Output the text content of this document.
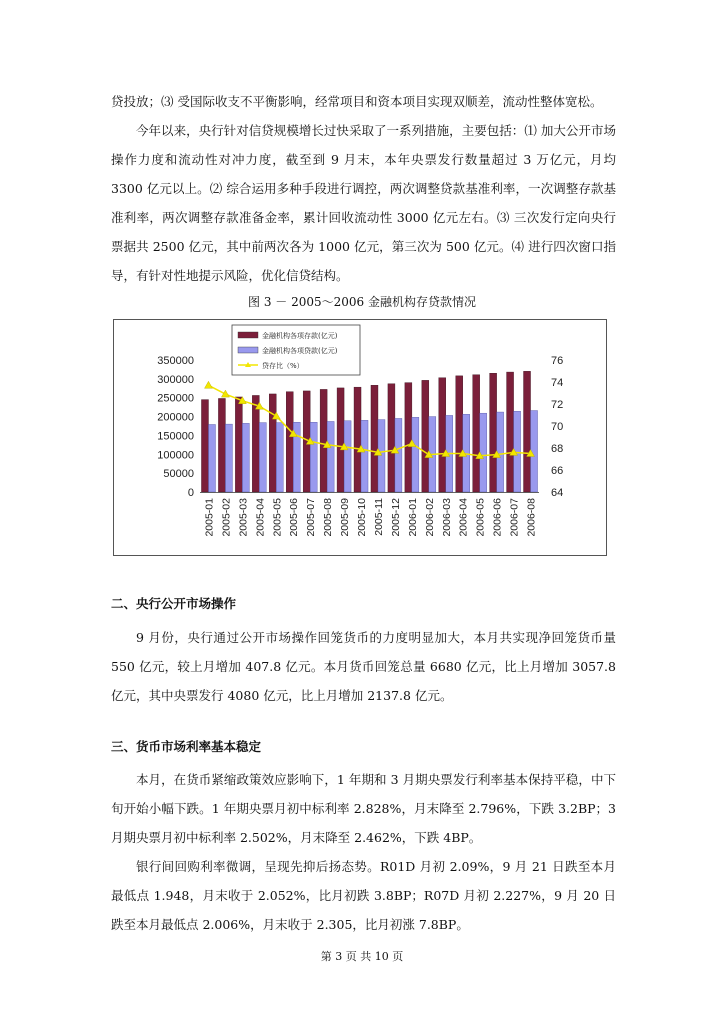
贷投放；⑶ 受国际收支不平衡影响，经常项目和资本项目实现双顺差，流动性整体宽松。

今年以来，央行针对信贷规模增长过快采取了一系列措施，主要包括：⑴ 加大公开市场操作力度和流动性对冲力度，截至到 9 月末，本年央票发行数量超过 3 万亿元，月均 3300 亿元以上。⑵ 综合运用多种手段进行调控，两次调整贷款基准利率，一次调整存款基准利率，两次调整存款准备金率，累计回收流动性 3000 亿元左右。⑶ 三次发行定向央行票据共 2500 亿元，其中前两次各为 1000 亿元，第三次为 500 亿元。⑷ 进行四次窗口指导，有针对性地提示风险，优化信贷结构。

图 3 － 2005～2006 金融机构存贷款情况
0
50000
100000
150000
200000
250000
300000
350000
64
66
68
70
72
74
76
2005-01 2005-02 2005-03 2005-04 2005-05 2005-06 2005-07 2005-08 2005-09 2005-10 2005-11 2005-12 2006-01 2006-02 2006-03 2006-04 2006-05 2006-06 2006-07 2006-08
金融机构各项存款(亿元)
金融机构各项贷款(亿元)
贷存比（%）
二、央行公开市场操作

9 月份，央行通过公开市场操作回笼货币的力度明显加大，本月共实现净回笼货币量 550 亿元，较上月增加 407.8 亿元。本月货币回笼总量 6680 亿元，比上月增加 3057.8 亿元，其中央票发行 4080 亿元，比上月增加 2137.8 亿元。

三、货币市场利率基本稳定

本月，在货币紧缩政策效应影响下，1 年期和 3 月期央票发行利率基本保持平稳，中下旬开始小幅下跌。1 年期央票月初中标利率 2.828%，月末降至 2.796%，下跌 3.2BP；3 月期央票月初中标利率 2.502%，月末降至 2.462%，下跌 4BP。

银行间回购利率微调，呈现先抑后扬态势。R01D 月初 2.09%，9 月 21 日跌至本月最低点 1.948，月末收于 2.052%，比月初跌 3.8BP；R07D 月初 2.227%，9 月 20 日跌至本月最低点 2.006%，月末收于 2.305，比月初涨 7.8BP。

第 3 页 共 10 页
